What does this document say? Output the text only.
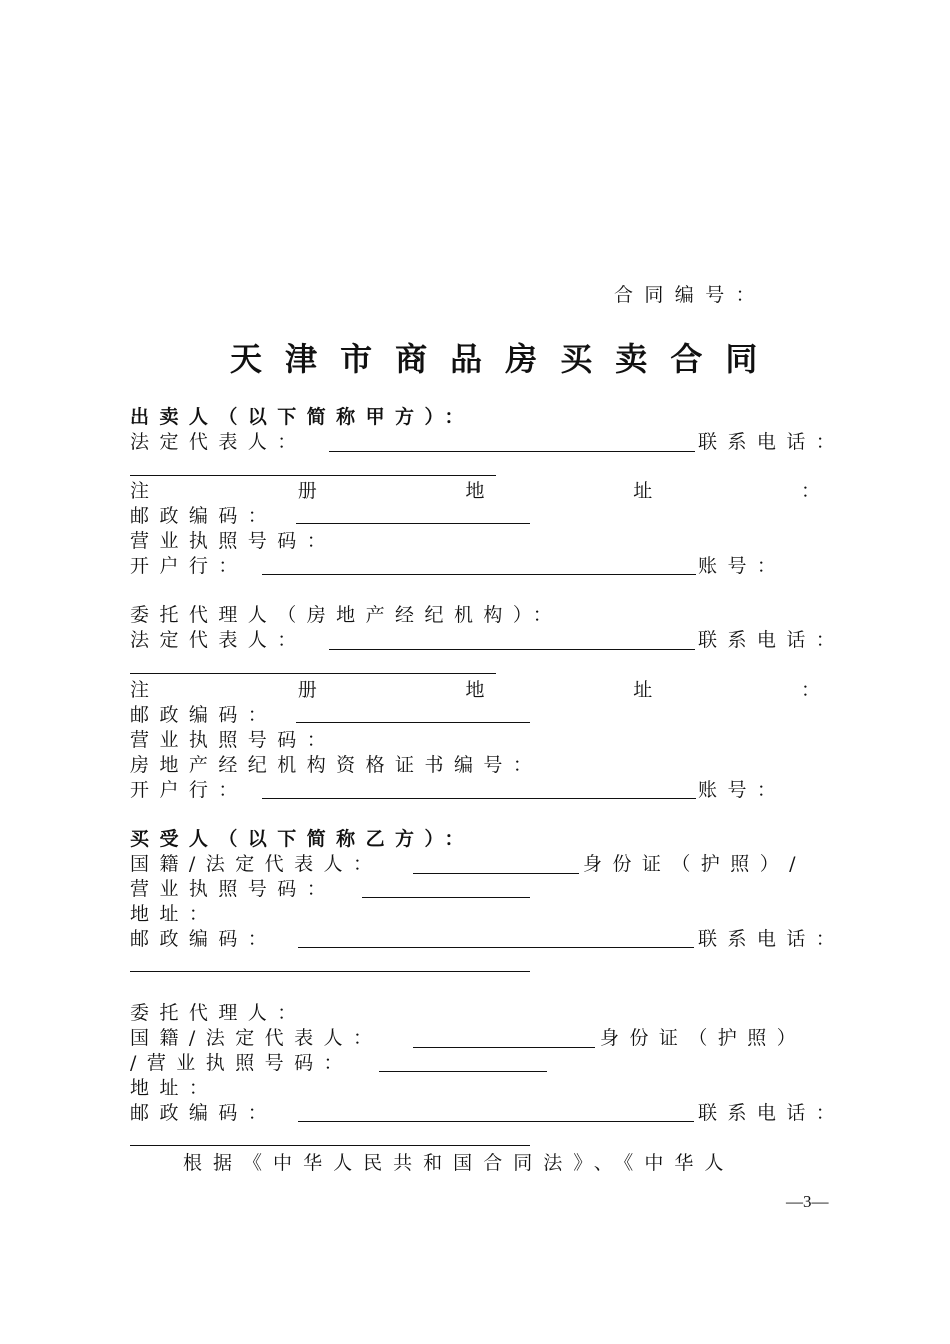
合同编号：
天津市商品房买卖合同
出卖人（以下简称甲方）：
法定代表人：	联系电话：
注	册	地	址	：
邮政编码：
营业执照号码：
开户行：	账号：
委托代理人（房地产经纪机构）：
法定代表人：	联系电话：
注	册	地	址	：
邮政编码：
营业执照号码：
房地产经纪机构资格证书编号：
开户行：	账号：
买受人（以下简称乙方）：
国籍/法定代表人：	身份证（护照）/
营业执照号码：
地址：
邮政编码：	联系电话：
委托代理人：
国籍/法定代表人：	身份证（护照）
/营业执照号码：
地址：
邮政编码：	联系电话：
根据《中华人民共和国合同法》、《中华人
—3—
